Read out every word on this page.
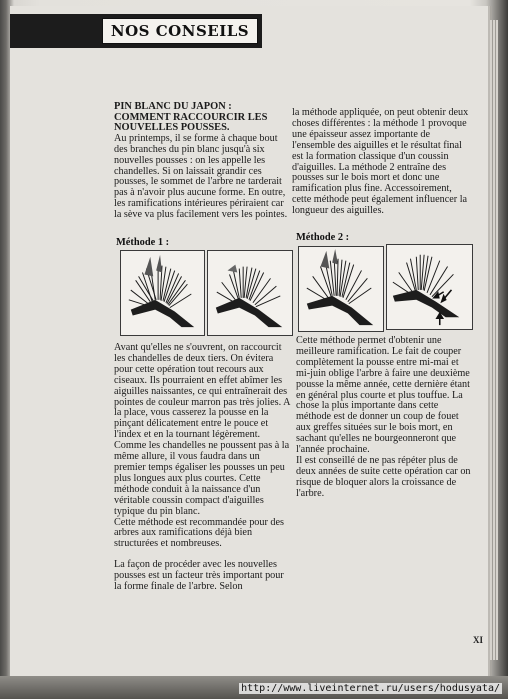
NOS CONSEILS
PIN BLANC DU JAPON :
COMMENT RACCOURCIR LES
NOUVELLES POUSSES.

Au printemps, il se forme à chaque bout des branches du pin blanc jusqu'à six nouvelles pousses : on les appelle les chandelles. Si on laissait grandir ces pousses, le sommet de l'arbre ne tarderait pas à n'avoir plus aucune forme. En outre, les ramifications intérieures périraient car la sève va plus facilement vers les pointes.

la méthode appliquée, on peut obtenir deux choses différentes : la méthode 1 provoque une épaisseur assez importante de l'ensemble des aiguilles et le résultat final est la formation classique d'un coussin d'aiguilles. La méthode 2 entraîne des pousses sur le bois mort et donc une ramification plus fine. Accessoirement, cette méthode peut également influencer la longueur des aiguilles.

Méthode 1 :	Méthode 2 :

Avant qu'elles ne s'ouvrent, on raccourcit les chandelles de deux tiers. On évitera pour cette opération tout recours aux ciseaux. Ils pourraient en effet abîmer les aiguilles naissantes, ce qui entraînerait des pointes de couleur marron pas très jolies. A la place, vous casserez la pousse en la pinçant délicatement entre le pouce et l'index et en la tournant légèrement. Comme les chandelles ne poussent pas à la même allure, il vous faudra dans un premier temps égaliser les pousses un peu plus longues aux plus courtes. Cette méthode conduit à la naissance d'un véritable coussin compact d'aiguilles typique du pin blanc.

Cette méthode est recommandée pour des arbres aux ramifications déjà bien structurées et nombreuses.

La façon de procéder avec les nouvelles pousses est un facteur très important pour la forme finale de l'arbre. Selon

Cette méthode permet d'obtenir une meilleure ramification. Le fait de couper complètement la pousse entre mi-mai et mi-juin oblige l'arbre à faire une deuxième pousse la même année, cette dernière étant en général plus courte et plus touffue. La chose la plus importante dans cette méthode est de donner un coup de fouet aux greffes situées sur le bois mort, en sachant qu'elles ne bourgeonneront que l'année prochaine.

Il est conseillé de ne pas répéter plus de deux années de suite cette opération car on risque de bloquer alors la croissance de l'arbre.

XI
http://www.liveinternet.ru/users/hodusyata/
